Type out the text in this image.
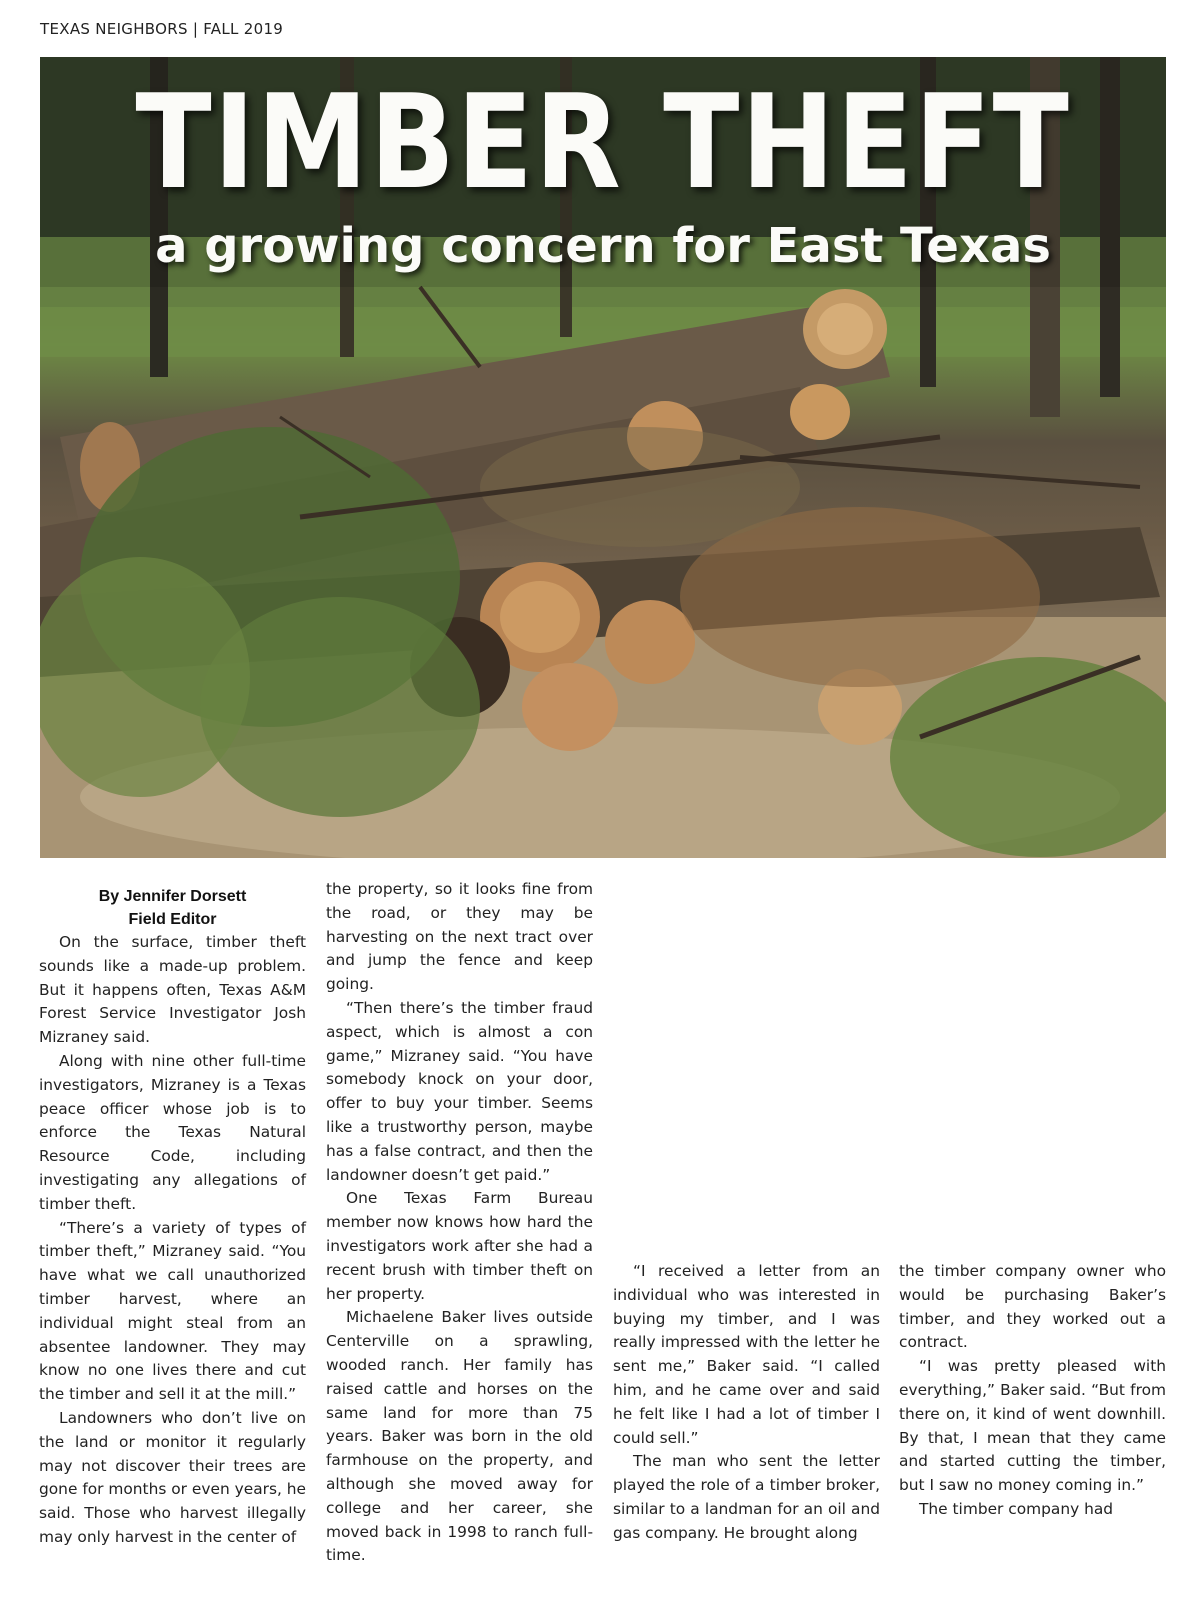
TEXAS NEIGHBORS | FALL 2019
TIMBER THEFT
a growing concern for East Texas
By Jennifer Dorsett
Field Editor

On the surface, timber theft sounds like a made-up problem. But it happens often, Texas A&M Forest Service Investigator Josh Mizraney said.

Along with nine other full-time investigators, Mizraney is a Texas peace officer whose job is to enforce the Texas Natural Resource Code, including investigating any allegations of timber theft.

“There’s a variety of types of timber theft,” Mizraney said. “You have what we call unauthorized timber harvest, where an individual might steal from an absentee landowner. They may know no one lives there and cut the timber and sell it at the mill.”

Landowners who don’t live on the land or monitor it regularly may not discover their trees are gone for months or even years, he said. Those who harvest illegally may only harvest in the center of

the property, so it looks fine from the road, or they may be harvesting on the next tract over and jump the fence and keep going.

“Then there’s the timber fraud aspect, which is almost a con game,” Mizraney said. “You have somebody knock on your door, offer to buy your timber. Seems like a trustworthy person, maybe has a false contract, and then the landowner doesn’t get paid.”

One Texas Farm Bureau member now knows how hard the investigators work after she had a recent brush with timber theft on her property.

Michaelene Baker lives outside Centerville on a sprawling, wooded ranch. Her family has raised cattle and horses on the same land for more than 75 years. Baker was born in the old farmhouse on the property, and although she moved away for college and her career, she moved back in 1998 to ranch full-time.

“I received a letter from an individual who was interested in buying my timber, and I was really impressed with the letter he sent me,” Baker said. “I called him, and he came over and said he felt like I had a lot of timber I could sell.”

The man who sent the letter played the role of a timber broker, similar to a landman for an oil and gas company. He brought along

the timber company owner who would be purchasing Baker’s timber, and they worked out a contract.

“I was pretty pleased with everything,” Baker said. “But from there on, it kind of went downhill. By that, I mean that they came and started cutting the timber, but I saw no money coming in.”

The timber company had
